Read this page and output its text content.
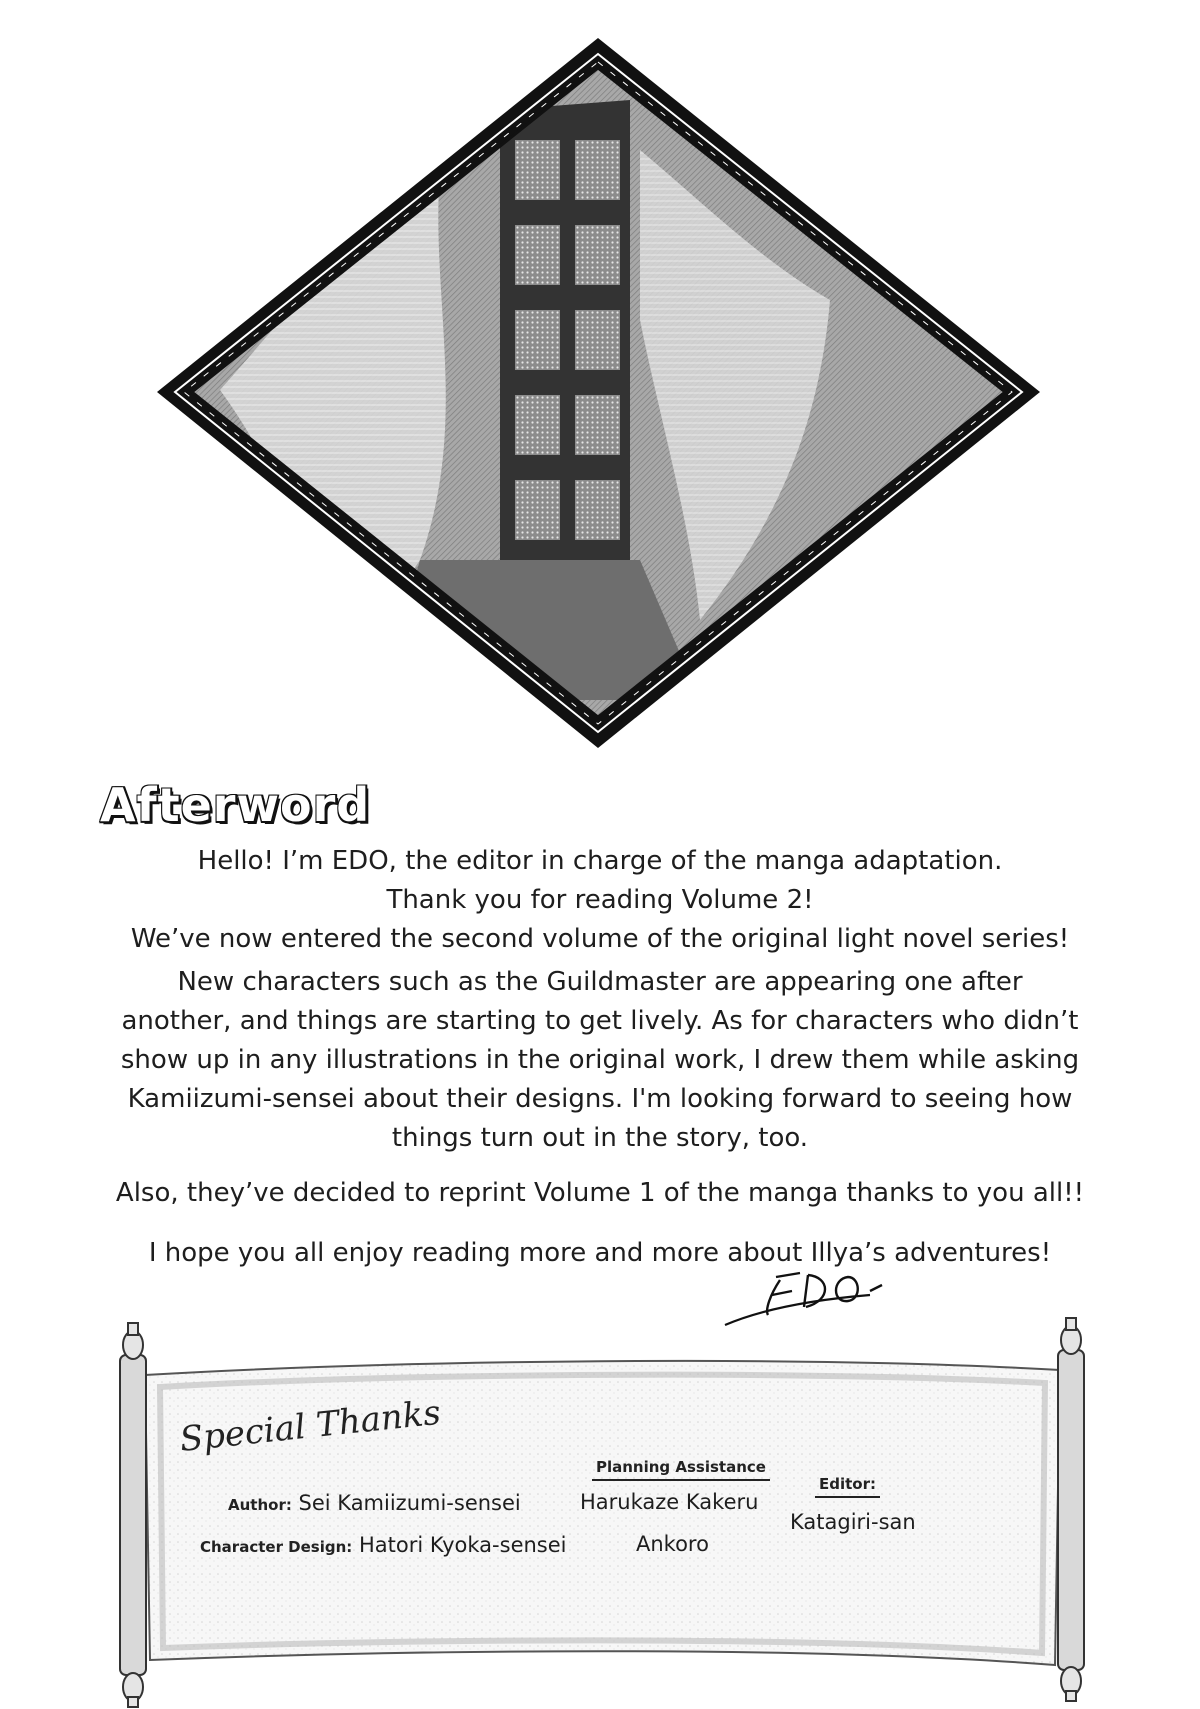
Afterword

Hello! I’m EDO, the editor in charge of the manga adaptation.
Thank you for reading Volume 2!
We’ve now entered the second volume of the original light novel series!

New characters such as the Guildmaster are appearing one after
another, and things are starting to get lively. As for characters who didn’t
show up in any illustrations in the original work, I drew them while asking
Kamiizumi-sensei about their designs. I'm looking forward to seeing how
things turn out in the story, too.

Also, they’ve decided to reprint Volume 1 of the manga thanks to you all!!

I hope you all enjoy reading more and more about Illya’s adventures!

Special Thanks
Author: Sei Kamiizumi-sensei
Character Design: Hatori Kyoka-sensei
Planning Assistance
Harukaze Kakeru
Ankoro
Editor:
Katagiri-san
